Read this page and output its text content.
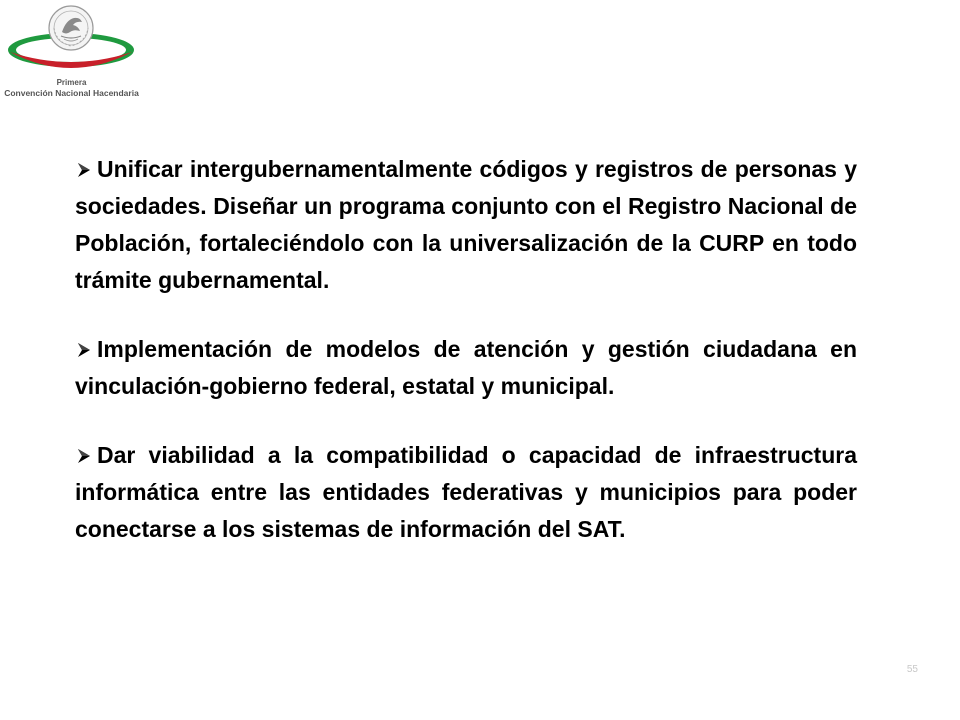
Primera
Convención Nacional Hacendaria

Unificar intergubernamentalmente códigos y registros de personas y sociedades. Diseñar un programa conjunto con el Registro Nacional de Población, fortaleciéndolo con la universalización de la CURP en todo trámite gubernamental.

Implementación de modelos de atención y gestión ciudadana en vinculación-gobierno federal, estatal y municipal.

Dar viabilidad a la compatibilidad o capacidad de infraestructura informática entre las entidades federativas y municipios para poder conectarse a los sistemas de información del SAT.

55
